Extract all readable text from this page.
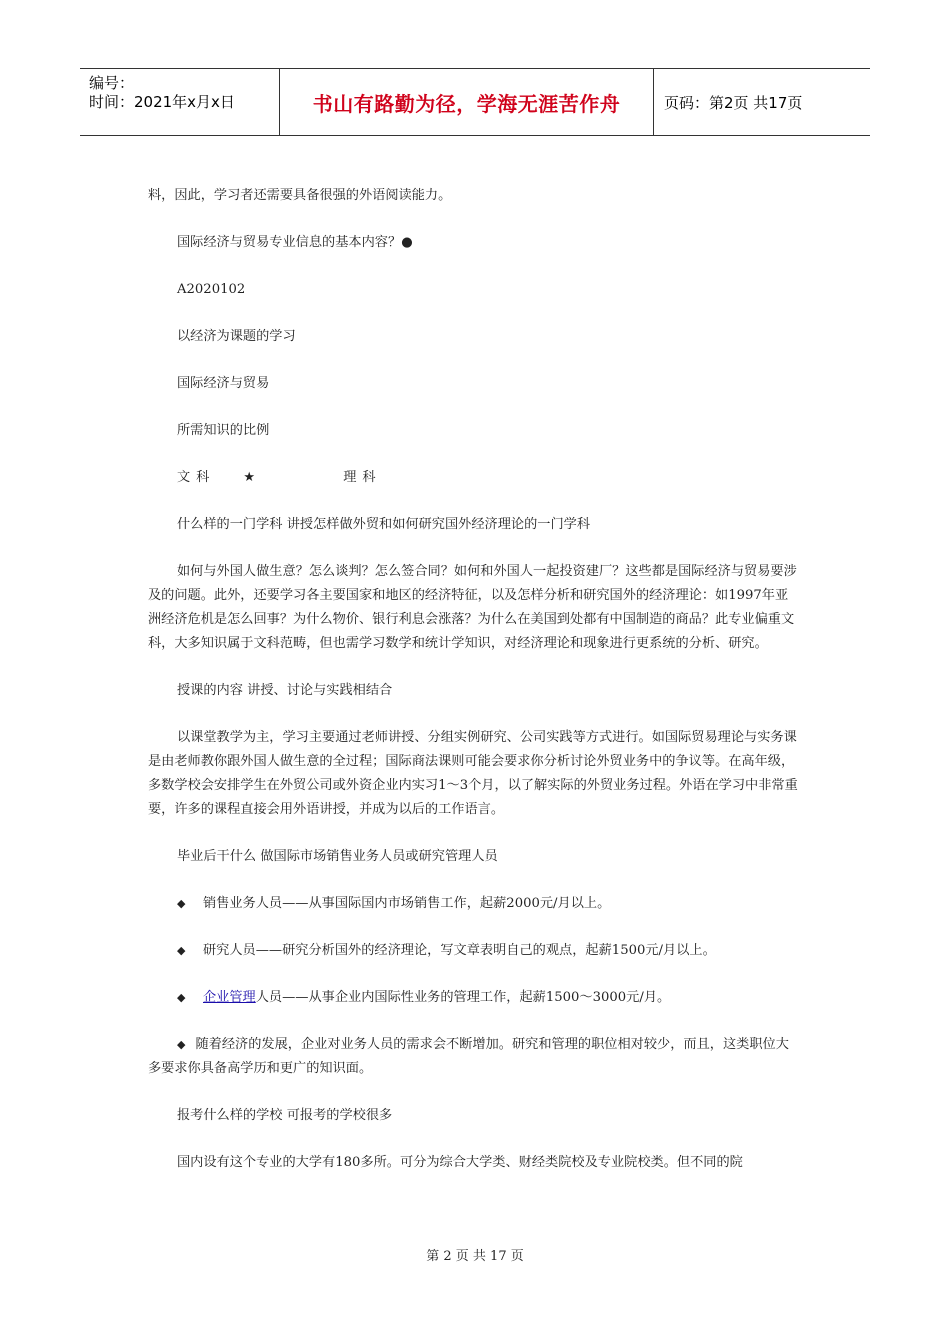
编号：
时间：2021年x月x日	书山有路勤为径，学海无涯苦作舟	页码：第2页 共17页

料，因此，学习者还需要具备很强的外语阅读能力。

国际经济与贸易专业信息的基本内容？●

A2020102

以经济为课题的学习

国际经济与贸易

所需知识的比例

文科 ★	理科

什么样的一门学科 讲授怎样做外贸和如何研究国外经济理论的一门学科

如何与外国人做生意？怎么谈判？怎么签合同？如何和外国人一起投资建厂？这些都是国际经济与贸易要涉及的问题。此外，还要学习各主要国家和地区的经济特征，以及怎样分析和研究国外的经济理论：如1997年亚洲经济危机是怎么回事？为什么物价、银行利息会涨落？为什么在美国到处都有中国制造的商品？此专业偏重文科，大多知识属于文科范畴，但也需学习数学和统计学知识，对经济理论和现象进行更系统的分析、研究。

授课的内容 讲授、讨论与实践相结合

以课堂教学为主，学习主要通过老师讲授、分组实例研究、公司实践等方式进行。如国际贸易理论与实务课是由老师教你跟外国人做生意的全过程；国际商法课则可能会要求你分析讨论外贸业务中的争议等。在高年级，多数学校会安排学生在外贸公司或外资企业内实习1～3个月，以了解实际的外贸业务过程。外语在学习中非常重要，许多的课程直接会用外语讲授，并成为以后的工作语言。

毕业后干什么 做国际市场销售业务人员或研究管理人员

◆ 销售业务人员——从事国际国内市场销售工作，起薪2000元/月以上。

◆ 研究人员——研究分析国外的经济理论，写文章表明自己的观点，起薪1500元/月以上。

◆ 企业管理人员——从事企业内国际性业务的管理工作，起薪1500～3000元/月。

◆ 随着经济的发展，企业对业务人员的需求会不断增加。研究和管理的职位相对较少，而且，这类职位大多要求你具备高学历和更广的知识面。

报考什么样的学校 可报考的学校很多

国内设有这个专业的大学有180多所。可分为综合大学类、财经类院校及专业院校类。但不同的院

第 2 页 共 17 页
